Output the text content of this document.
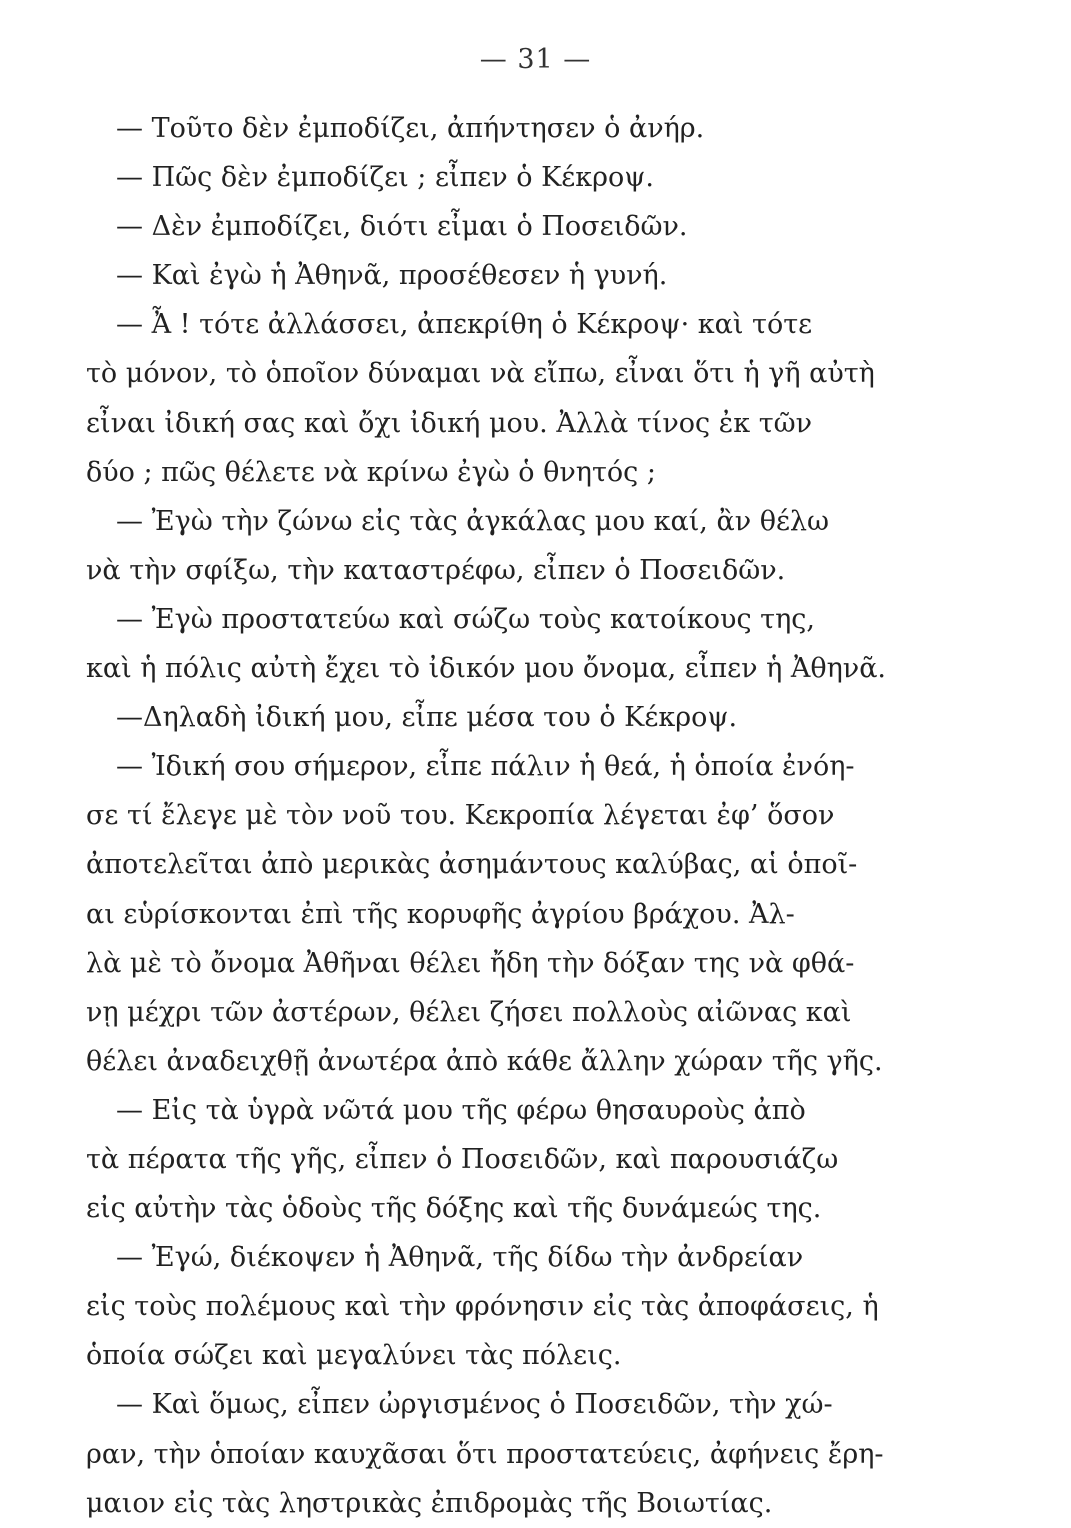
— 31 —
— Τοῦτο δὲν ἐμποδίζει, ἀπήντησεν ὁ ἀνήρ.
— Πῶς δὲν ἐμποδίζει ; εἶπεν ὁ Κέκροψ.
— Δὲν ἐμποδίζει, διότι εἶμαι ὁ Ποσειδῶν.
— Καὶ ἐγὼ ἡ Ἀθηνᾶ, προσέθεσεν ἡ γυνή.
— Ἆ ! τότε ἀλλάσσει, ἀπεκρίθη ὁ Κέκροψ· καὶ τότε
τὸ μόνον, τὸ ὁποῖον δύναμαι νὰ εἴπω, εἶναι ὅτι ἡ γῆ αὐτὴ
εἶναι ἰδική σας καὶ ὄχι ἰδική μου. Ἀλλὰ τίνος ἐκ τῶν
δύο ; πῶς θέλετε νὰ κρίνω ἐγὼ ὁ θνητός ;
— Ἐγὼ τὴν ζώνω εἰς τὰς ἀγκάλας μου καί, ἂν θέλω
νὰ τὴν σφίξω, τὴν καταστρέφω, εἶπεν ὁ Ποσειδῶν.
— Ἐγὼ προστατεύω καὶ σώζω τοὺς κατοίκους της,
καὶ ἡ πόλις αὐτὴ ἔχει τὸ ἰδικόν μου ὄνομα, εἶπεν ἡ Ἀθηνᾶ.
—Δηλαδὴ ἰδική μου, εἶπε μέσα του ὁ Κέκροψ.
— Ἰδική σου σήμερον, εἶπε πάλιν ἡ θεά, ἡ ὁποία ἐνόη-
σε τί ἔλεγε μὲ τὸν νοῦ του. Κεκροπία λέγεται ἐφ’ ὅσον
ἀποτελεῖται ἀπὸ μερικὰς ἀσημάντους καλύβας, αἱ ὁποῖ-
αι εὑρίσκονται ἐπὶ τῆς κορυφῆς ἀγρίου βράχου. Ἀλ-
λὰ μὲ τὸ ὄνομα Ἀθῆναι θέλει ἤδη τὴν δόξαν της νὰ φθά-
νῃ μέχρι τῶν ἀστέρων, θέλει ζήσει πολλοὺς αἰῶνας καὶ
θέλει ἀναδειχθῇ ἀνωτέρα ἀπὸ κάθε ἄλλην χώραν τῆς γῆς.
— Εἰς τὰ ὑγρὰ νῶτά μου τῆς φέρω θησαυροὺς ἀπὸ
τὰ πέρατα τῆς γῆς, εἶπεν ὁ Ποσειδῶν, καὶ παρουσιάζω
εἰς αὐτὴν τὰς ὁδοὺς τῆς δόξης καὶ τῆς δυνάμεώς της.
— Ἐγώ, διέκοψεν ἡ Ἀθηνᾶ, τῆς δίδω τὴν ἀνδρείαν
εἰς τοὺς πολέμους καὶ τὴν φρόνησιν εἰς τὰς ἀποφάσεις, ἡ
ὁποία σώζει καὶ μεγαλύνει τὰς πόλεις.
— Καὶ ὅμως, εἶπεν ὠργισμένος ὁ Ποσειδῶν, τὴν χώ-
ραν, τὴν ὁποίαν καυχᾶσαι ὅτι προστατεύεις, ἀφήνεις ἔρη-
μαιον εἰς τὰς ληστρικὰς ἐπιδρομὰς τῆς Βοιωτίας.
